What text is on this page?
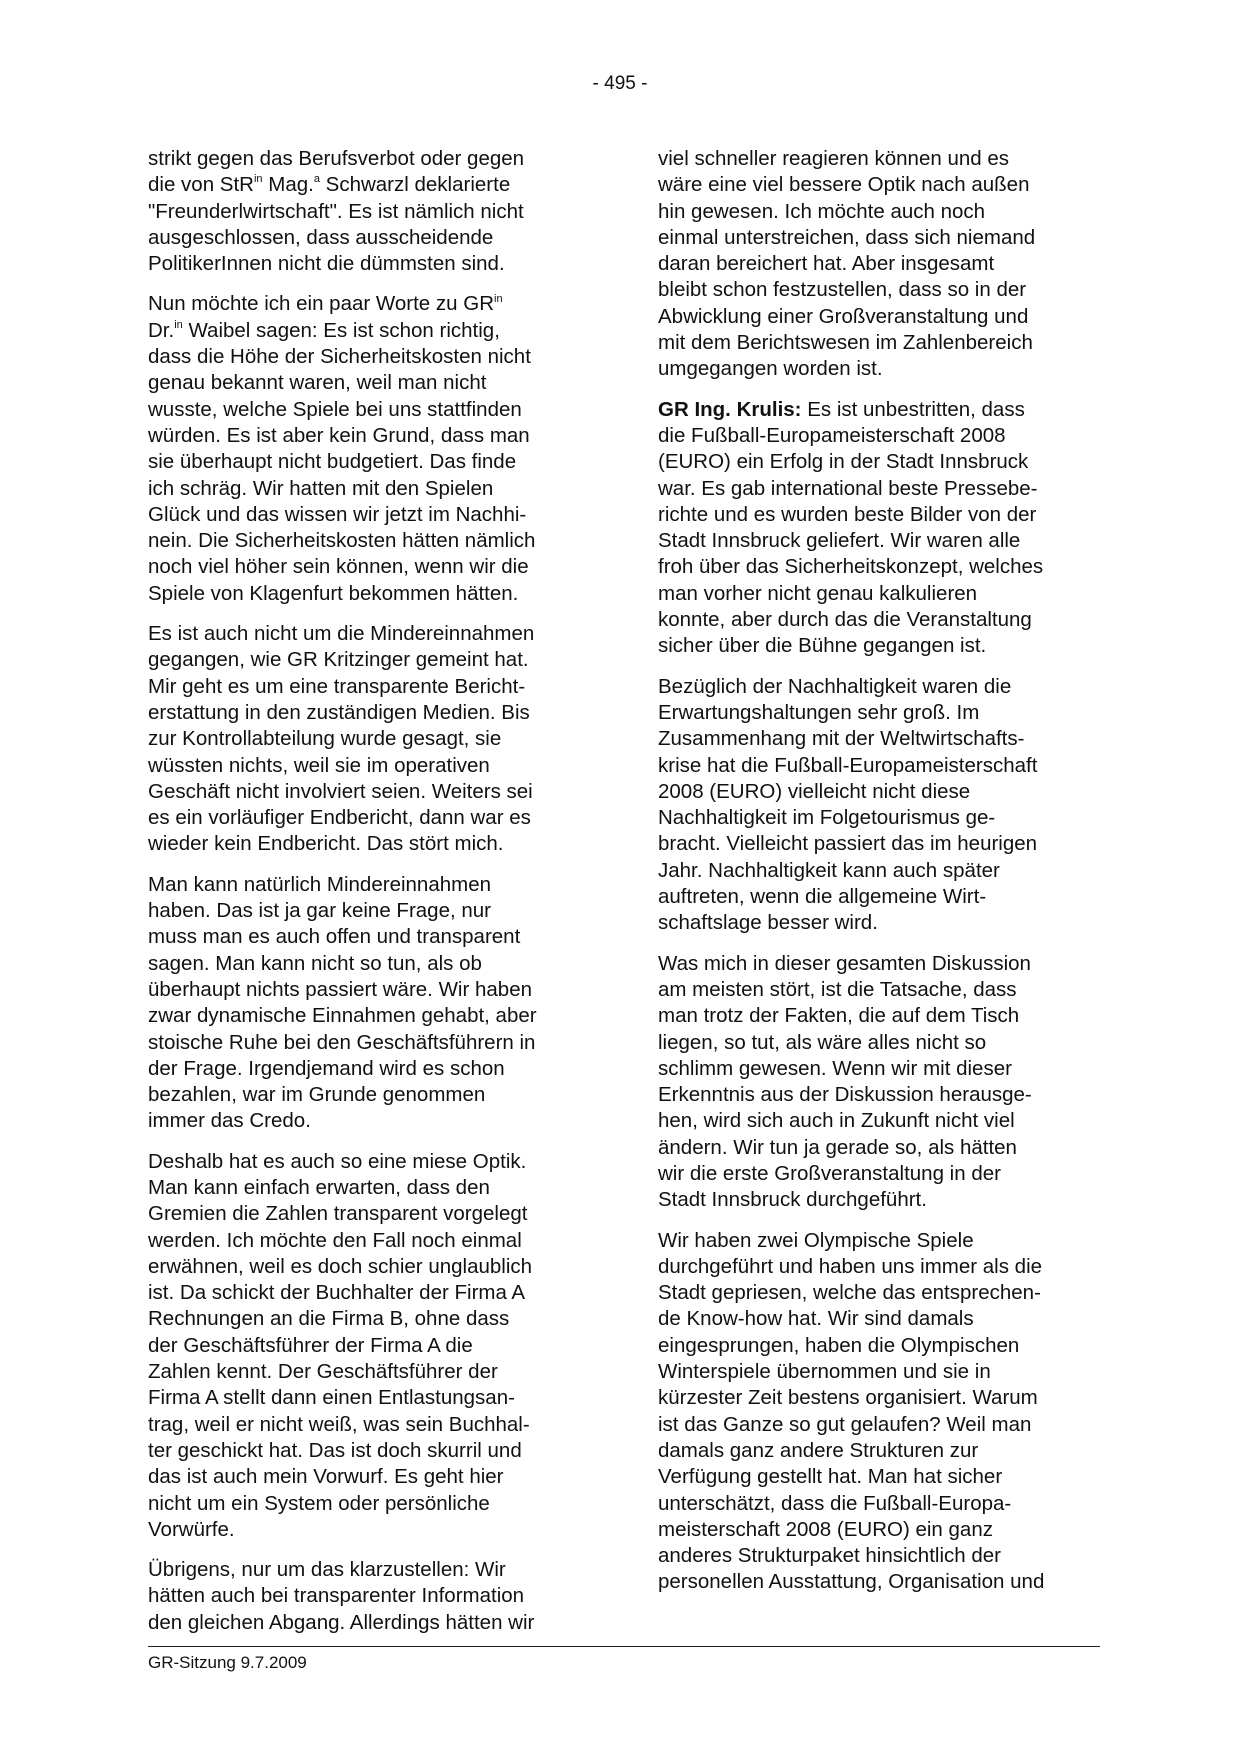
- 495 -

strikt gegen das Berufsverbot oder gegen
die von StR$^{in}$ Mag.$^a$ Schwarzl deklarierte
"Freunderlwirtschaft". Es ist nämlich nicht
ausgeschlossen, dass ausscheidende
PolitikerInnen nicht die dümmsten sind.

Nun möchte ich ein paar Worte zu $GR^{in}$
Dr.$^{in}$ Waibel sagen: Es ist schon richtig,
dass die Höhe der Sicherheitskosten nicht
genau bekannt waren, weil man nicht
wusste, welche Spiele bei uns stattfinden
würden. Es ist aber kein Grund, dass man
sie überhaupt nicht budgetiert. Das finde
ich schräg. Wir hatten mit den Spielen
Glück und das wissen wir jetzt im Nachhi-
nein. Die Sicherheitskosten hätten nämlich
noch viel höher sein können, wenn wir die
Spiele von Klagenfurt bekommen hätten.

Es ist auch nicht um die Mindereinnahmen
gegangen, wie GR Kritzinger gemeint hat.
Mir geht es um eine transparente Bericht-
erstattung in den zuständigen Medien. Bis
zur Kontrollabteilung wurde gesagt, sie
wüssten nichts, weil sie im operativen
Geschäft nicht involviert seien. Weiters sei
es ein vorläufiger Endbericht, dann war es
wieder kein Endbericht. Das stört mich.

Man kann natürlich Mindereinnahmen
haben. Das ist ja gar keine Frage, nur
muss man es auch offen und transparent
sagen. Man kann nicht so tun, als ob
überhaupt nichts passiert wäre. Wir haben
zwar dynamische Einnahmen gehabt, aber
stoische Ruhe bei den Geschäftsführern in
der Frage. Irgendjemand wird es schon
bezahlen, war im Grunde genommen
immer das Credo.

Deshalb hat es auch so eine miese Optik.
Man kann einfach erwarten, dass den
Gremien die Zahlen transparent vorgelegt
werden. Ich möchte den Fall noch einmal
erwähnen, weil es doch schier unglaublich
ist. Da schickt der Buchhalter der Firma A
Rechnungen an die Firma B, ohne dass
der Geschäftsführer der Firma A die
Zahlen kennt. Der Geschäftsführer der
Firma A stellt dann einen Entlastungsan-
trag, weil er nicht weiß, was sein Buchhal-
ter geschickt hat. Das ist doch skurril und
das ist auch mein Vorwurf. Es geht hier
nicht um ein System oder persönliche
Vorwürfe.

Übrigens, nur um das klarzustellen: Wir
hätten auch bei transparenter Information
den gleichen Abgang. Allerdings hätten wir

viel schneller reagieren können und es
wäre eine viel bessere Optik nach außen
hin gewesen. Ich möchte auch noch
einmal unterstreichen, dass sich niemand
daran bereichert hat. Aber insgesamt
bleibt schon festzustellen, dass so in der
Abwicklung einer Großveranstaltung und
mit dem Berichtswesen im Zahlenbereich
umgegangen worden ist.

GR Ing. Krulis: Es ist unbestritten, dass
die Fußball-Europameisterschaft 2008
(EURO) ein Erfolg in der Stadt Innsbruck
war. Es gab international beste Pressebe-
richte und es wurden beste Bilder von der
Stadt Innsbruck geliefert. Wir waren alle
froh über das Sicherheitskonzept, welches
man vorher nicht genau kalkulieren
konnte, aber durch das die Veranstaltung
sicher über die Bühne gegangen ist.

Bezüglich der Nachhaltigkeit waren die
Erwartungshaltungen sehr groß. Im
Zusammenhang mit der Weltwirtschafts-
krise hat die Fußball-Europameisterschaft
2008 (EURO) vielleicht nicht diese
Nachhaltigkeit im Folgetourismus ge-
bracht. Vielleicht passiert das im heurigen
Jahr. Nachhaltigkeit kann auch später
auftreten, wenn die allgemeine Wirt-
schaftslage besser wird.

Was mich in dieser gesamten Diskussion
am meisten stört, ist die Tatsache, dass
man trotz der Fakten, die auf dem Tisch
liegen, so tut, als wäre alles nicht so
schlimm gewesen. Wenn wir mit dieser
Erkenntnis aus der Diskussion herausge-
hen, wird sich auch in Zukunft nicht viel
ändern. Wir tun ja gerade so, als hätten
wir die erste Großveranstaltung in der
Stadt Innsbruck durchgeführt.

Wir haben zwei Olympische Spiele
durchgeführt und haben uns immer als die
Stadt gepriesen, welche das entsprechen-
de Know-how hat. Wir sind damals
eingesprungen, haben die Olympischen
Winterspiele übernommen und sie in
kürzester Zeit bestens organisiert. Warum
ist das Ganze so gut gelaufen? Weil man
damals ganz andere Strukturen zur
Verfügung gestellt hat. Man hat sicher
unterschätzt, dass die Fußball-Europa-
meisterschaft 2008 (EURO) ein ganz
anderes Strukturpaket hinsichtlich der
personellen Ausstattung, Organisation und

GR-Sitzung 9.7.2009
